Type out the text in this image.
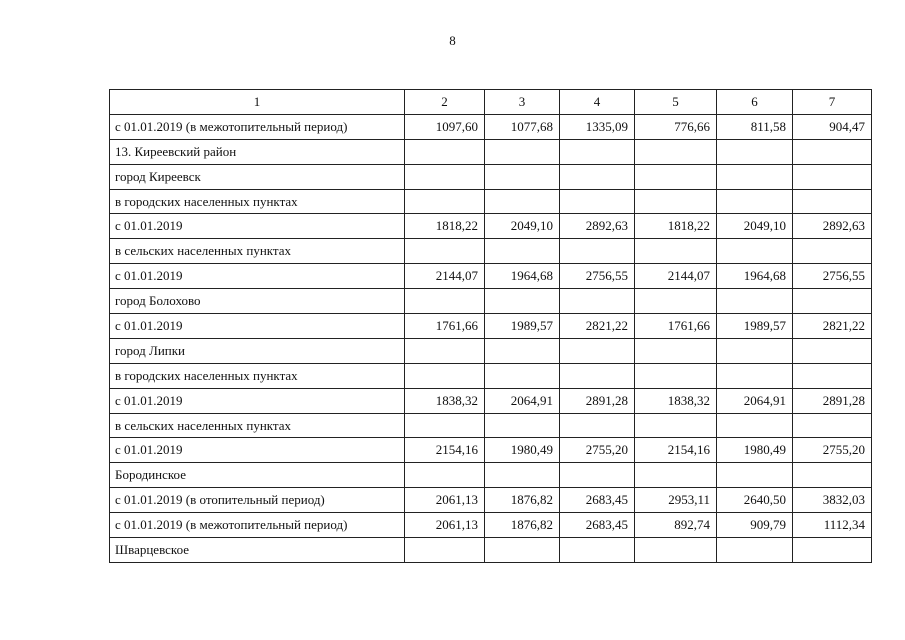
8
1	2	3	4	5	6	7
с 01.01.2019 (в межотопительный период)	1097,60	1077,68	1335,09	776,66	811,58	904,47
13. Киреевский район						
город Киреевск						
в городских населенных пунктах						
с 01.01.2019	1818,22	2049,10	2892,63	1818,22	2049,10	2892,63
в сельских населенных пунктах						
с 01.01.2019	2144,07	1964,68	2756,55	2144,07	1964,68	2756,55
город Болохово						
с 01.01.2019	1761,66	1989,57	2821,22	1761,66	1989,57	2821,22
город Липки						
в городских населенных пунктах						
с 01.01.2019	1838,32	2064,91	2891,28	1838,32	2064,91	2891,28
в сельских населенных пунктах						
с 01.01.2019	2154,16	1980,49	2755,20	2154,16	1980,49	2755,20
Бородинское						
с 01.01.2019 (в отопительный период)	2061,13	1876,82	2683,45	2953,11	2640,50	3832,03
с 01.01.2019 (в межотопительный период)	2061,13	1876,82	2683,45	892,74	909,79	1112,34
Шварцевское						
